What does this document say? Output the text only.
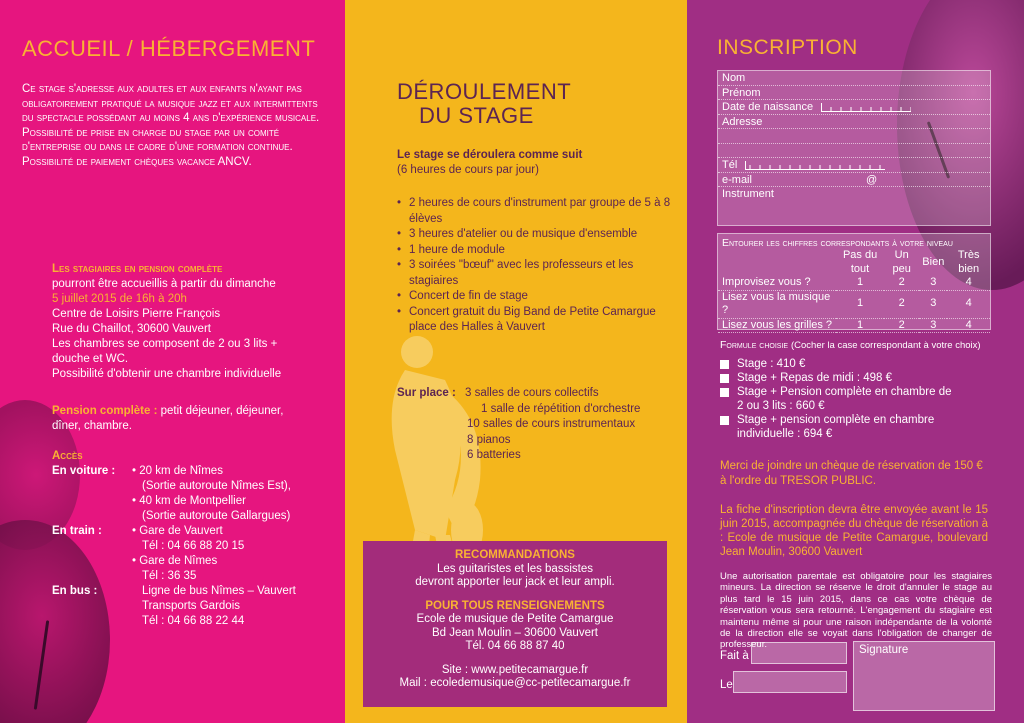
ACCUEIL / HÉBERGEMENT

Ce stage s'adresse aux adultes et aux enfants n'ayant pas obligatoirement pratiqué la musique jazz et aux intermittents du spectacle possédant au moins 4 ans d'expérience musicale.

Possibilité de prise en charge du stage par un comité d'entreprise ou dans le cadre d'une formation continue.

Possibilité de paiement chèques vacance ANCV.

Les stagiaires en pension complète
pourront être accueillis à partir du dimanche
5 juillet 2015 de 16h à 20h
Centre de Loisirs Pierre François
Rue du Chaillot, 30600 Vauvert
Les chambres se composent de 2 ou 3 lits + douche et WC.
Possibilité d'obtenir une chambre individuelle
Pension complète : petit déjeuner, déjeuner, dîner, chambre.
Accès
En voiture :	• 20 km de Nîmes
(Sortie autoroute Nîmes Est),
• 40 km de Montpellier
(Sortie autoroute Gallargues)
En train :	• Gare de Vauvert
Tél : 04 66 88 20 15
• Gare de Nîmes
Tél : 36 35
En bus :	Ligne de bus Nîmes – Vauvert
Transports Gardois
Tél : 04 66 88 22 44
DÉROULEMENT
DU STAGE
Le stage se déroulera comme suit
(6 heures de cours par jour)
• 2 heures de cours d'instrument par groupe de 5 à 8 élèves
• 3 heures d'atelier ou de musique d'ensemble
• 1 heure de module
• 3 soirées "bœuf" avec les professeurs et les stagiaires
• Concert de fin de stage
• Concert gratuit du Big Band de Petite Camargue place des Halles à Vauvert
Sur place : 3 salles de cours collectifs
1 salle de répétition d'orchestre
10 salles de cours instrumentaux
8 pianos
6 batteries
RECOMMANDATIONS
Les guitaristes et les bassistes
devront apporter leur jack et leur ampli.
POUR TOUS RENSEIGNEMENTS
Ecole de musique de Petite Camargue
Bd Jean Moulin – 30600 Vauvert
Tél. 04 66 88 87 40
Site : www.petitecamargue.fr
Mail : ecoledemusique@cc-petitecamargue.fr
INSCRIPTION
Nom
Prénom
Date de naissance
Adresse
Tél
e-mail	@
Instrument
Entourer les chiffres correspondants à votre niveau
	Pas du tout	Un peu	Bien	Très bien
Improvisez vous ?	1	2	3	4
Lisez vous la musique ?	1	2	3	4
Lisez vous les grilles ?	1	2	3	4
Formule choisie (Cocher la case correspondant à votre choix)
Stage : 410 €
Stage + Repas de midi : 498 €
Stage + Pension complète en chambre de 2 ou 3 lits : 660 €
Stage + pension complète en chambre individuelle : 694 €
Merci de joindre un chèque de réservation de 150 € à l'ordre du TRESOR PUBLIC.
La fiche d'inscription devra être envoyée avant le 15 juin 2015, accompagnée du chèque de réservation à : Ecole de musique de Petite Camargue, boulevard Jean Moulin, 30600 Vauvert
Une autorisation parentale est obligatoire pour les stagiaires mineurs. La direction se réserve le droit d'annuler le stage au plus tard le 15 juin 2015, dans ce cas votre chèque de réservation vous sera retourné. L'engagement du stagiaire est maintenu même si pour une raison indépendante de la volonté de la direction elle se voyait dans l'obligation de changer de professeur.
Fait à
Le
Signature
